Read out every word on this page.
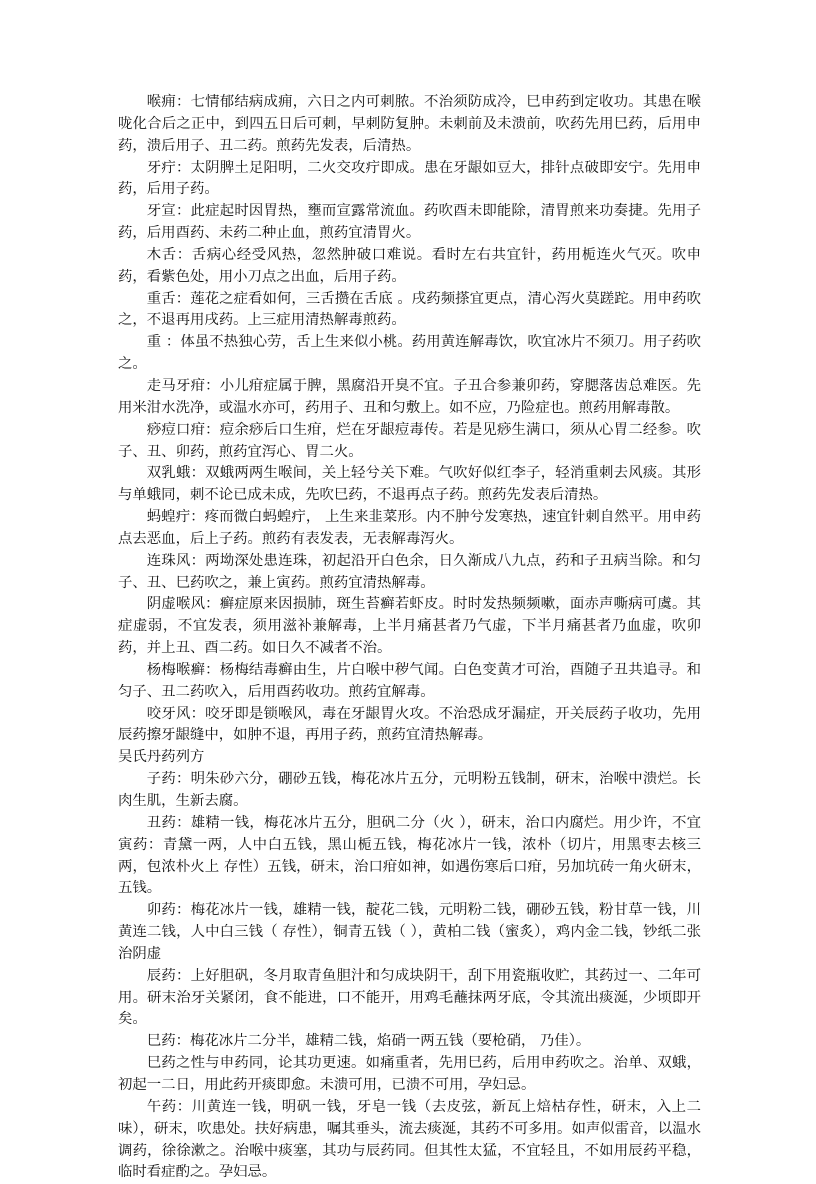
喉痈：七情郁结病成痈，六日之内可刺脓。不治须防成冷，巳申药到定收功。其患在喉咙化合后之正中，到四五日后可刺，早刺防复肿。未刺前及未溃前，吹药先用巳药，后用申药，溃后用子、丑二药。煎药先发表，后清热。

牙疔：太阴脾土足阳明，二火交攻疔即成。患在牙龈如豆大，排针点破即安宁。先用申药，后用子药。

牙宣：此症起时因胃热，壅而宣露常流血。药吹酉未即能除，清胃煎来功奏捷。先用子药，后用酉药、未药二种止血，煎药宜清胃火。

木舌：舌病心经受风热，忽然肿破口难说。看时左右共宜针，药用栀连火气灭。吹申药，看紫色处，用小刀点之出血，后用子药。

重舌：莲花之症看如何，三舌攒在舌底 。戌药频搽宜更点，清心泻火莫蹉跎。用申药吹之，不退再用戌药。上三症用清热解毒煎药。

重 ：体虽不热独心劳，舌上生来似小桃。药用黄连解毒饮，吹宜冰片不须刀。用子药吹之。

走马牙疳：小儿疳症属于脾，黑腐沿开臭不宜。子丑合参兼卯药，穿腮落齿总难医。先用米泔水洗净，或温水亦可，药用子、丑和匀敷上。如不应，乃险症也。煎药用解毒散。

痧痘口疳：痘余痧后口生疳，烂在牙龈痘毒传。若是见痧生满口，须从心胃二经参。吹子、丑、卯药，煎药宜泻心、胃二火。

双乳蛾：双蛾两两生喉间，关上轻兮关下难。气吹好似红李子，轻消重刺去风痰。其形与单蛾同，刺不论已成未成，先吹巳药，不退再点子药。煎药先发表后清热。

蚂蝗疔：疼而微白蚂蝗疔， 上生来韭菜形。内不肿兮发寒热，速宜针刺自然平。用申药点去恶血，后上子药。煎药有表发表，无表解毒泻火。

连珠风：两坳深处患连珠，初起沿开白色余，日久渐成八九点，药和子丑病当除。和匀子、丑、巳药吹之，兼上寅药。煎药宜清热解毒。

阴虚喉风：癣症原来因损肺，斑生苔癣若虾皮。时时发热频频嗽，面赤声嘶病可虞。其症虚弱，不宜发表，须用滋补兼解毒，上半月痛甚者乃气虚，下半月痛甚者乃血虚，吹卯药，并上丑、酉二药。如日久不减者不治。

杨梅喉癣：杨梅结毒癣由生，片白喉中秽气闻。白色变黄才可治，酉随子丑共追寻。和匀子、丑二药吹入，后用酉药收功。煎药宜解毒。

咬牙风：咬牙即是锁喉风，毒在牙龈胃火攻。不治恐成牙漏症，开关辰药子收功，先用辰药擦牙龈缝中，如肿不退，再用子药，煎药宜清热解毒。

吴氏丹药列方

子药：明朱砂六分，硼砂五钱，梅花冰片五分，元明粉五钱制，研末，治喉中溃烂。长肉生肌，生新去腐。

丑药：雄精一钱，梅花冰片五分，胆矾二分（火 ），研末，治口内腐烂。用少许，不宜寅药：青黛一两，人中白五钱，黑山栀五钱，梅花冰片一钱，浓朴（切片，用黑枣去核三两，包浓朴火上 存性）五钱，研末，治口疳如神，如遇伤寒后口疳，另加坑砖一角火研末，五钱。

卯药：梅花冰片一钱，雄精一钱，靛花二钱，元明粉二钱，硼砂五钱，粉甘草一钱，川黄连二钱，人中白三钱（ 存性），铜青五钱（ ），黄柏二钱（蜜炙），鸡内金二钱，钞纸二张 治阴虚

辰药：上好胆矾，冬月取青鱼胆汁和匀成块阴干，刮下用瓷瓶收贮，其药过一、二年可用。研末治牙关紧闭，食不能进，口不能开，用鸡毛蘸抹两牙底，令其流出痰涎，少顷即开矣。

巳药：梅花冰片二分半，雄精二钱，焰硝一两五钱（要枪硝， 乃佳）。

巳药之性与申药同，论其功更速。如痛重者，先用巳药，后用申药吹之。治单、双蛾，初起一二日，用此药开痰即愈。未溃可用，已溃不可用，孕妇忌。

午药：川黄连一钱，明矾一钱，牙皂一钱（去皮弦，新瓦上焙枯存性，研末，入上二味），研末，吹患处。扶好病患，嘱其垂头，流去痰涎，其药不可多用。如声似雷音，以温水调药，徐徐漱之。治喉中痰塞，其功与辰药同。但其性太猛，不宜轻且，不如用辰药平稳，临时看症酌之。孕妇忌。
